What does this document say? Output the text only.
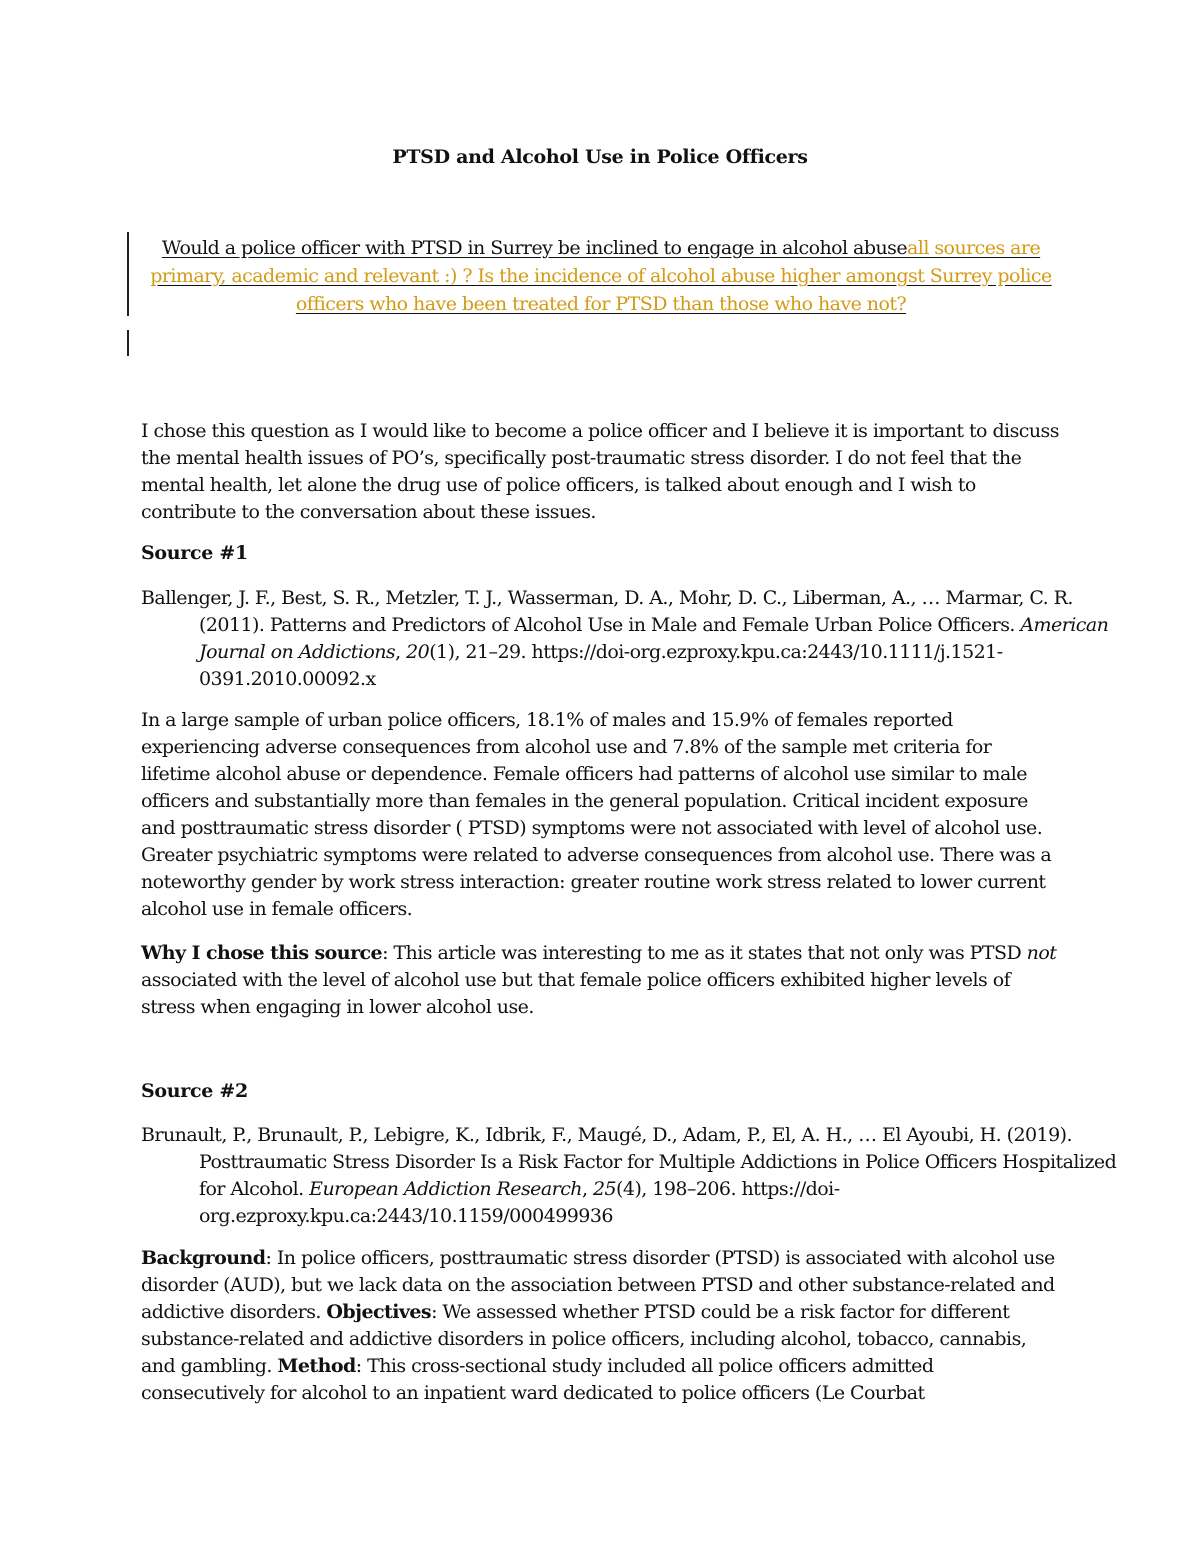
PTSD and Alcohol Use in Police Officers
Would a police officer with PTSD in Surrey be inclined to engage in alcohol abuseall sources are primary, academic and relevant :) ? Is the incidence of alcohol abuse higher amongst Surrey police officers who have been treated for PTSD than those who have not?

I chose this question as I would like to become a police officer and I believe it is important to discuss the mental health issues of PO’s, specifically post-traumatic stress disorder. I do not feel that the mental health, let alone the drug use of police officers, is talked about enough and I wish to contribute to the conversation about these issues.

Source #1

Ballenger, J. F., Best, S. R., Metzler, T. J., Wasserman, D. A., Mohr, D. C., Liberman, A., … Marmar, C. R. (2011). Patterns and Predictors of Alcohol Use in Male and Female Urban Police Officers. American Journal on Addictions, 20(1), 21–29. https://doi-org.ezproxy.kpu.ca:2443/10.1111/j.1521-0391.2010.00092.x

In a large sample of urban police officers, 18.1% of males and 15.9% of females reported experiencing adverse consequences from alcohol use and 7.8% of the sample met criteria for lifetime alcohol abuse or dependence. Female officers had patterns of alcohol use similar to male officers and substantially more than females in the general population. Critical incident exposure and posttraumatic stress disorder ( PTSD) symptoms were not associated with level of alcohol use. Greater psychiatric symptoms were related to adverse consequences from alcohol use. There was a noteworthy gender by work stress interaction: greater routine work stress related to lower current alcohol use in female officers.

Why I chose this source: This article was interesting to me as it states that not only was PTSD not associated with the level of alcohol use but that female police officers exhibited higher levels of stress when engaging in lower alcohol use.

Source #2

Brunault, P., Brunault, P., Lebigre, K., Idbrik, F., Maugé, D., Adam, P., El, A. H., … El Ayoubi, H. (2019). Posttraumatic Stress Disorder Is a Risk Factor for Multiple Addictions in Police Officers Hospitalized for Alcohol. European Addiction Research, 25(4), 198–206. https://doi-org.ezproxy.kpu.ca:2443/10.1159/000499936

Background: In police officers, posttraumatic stress disorder (PTSD) is associated with alcohol use disorder (AUD), but we lack data on the association between PTSD and other substance-related and addictive disorders. Objectives: We assessed whether PTSD could be a risk factor for different substance-related and addictive disorders in police officers, including alcohol, tobacco, cannabis, and gambling. Method: This cross-sectional study included all police officers admitted consecutively for alcohol to an inpatient ward dedicated to police officers (Le Courbat
